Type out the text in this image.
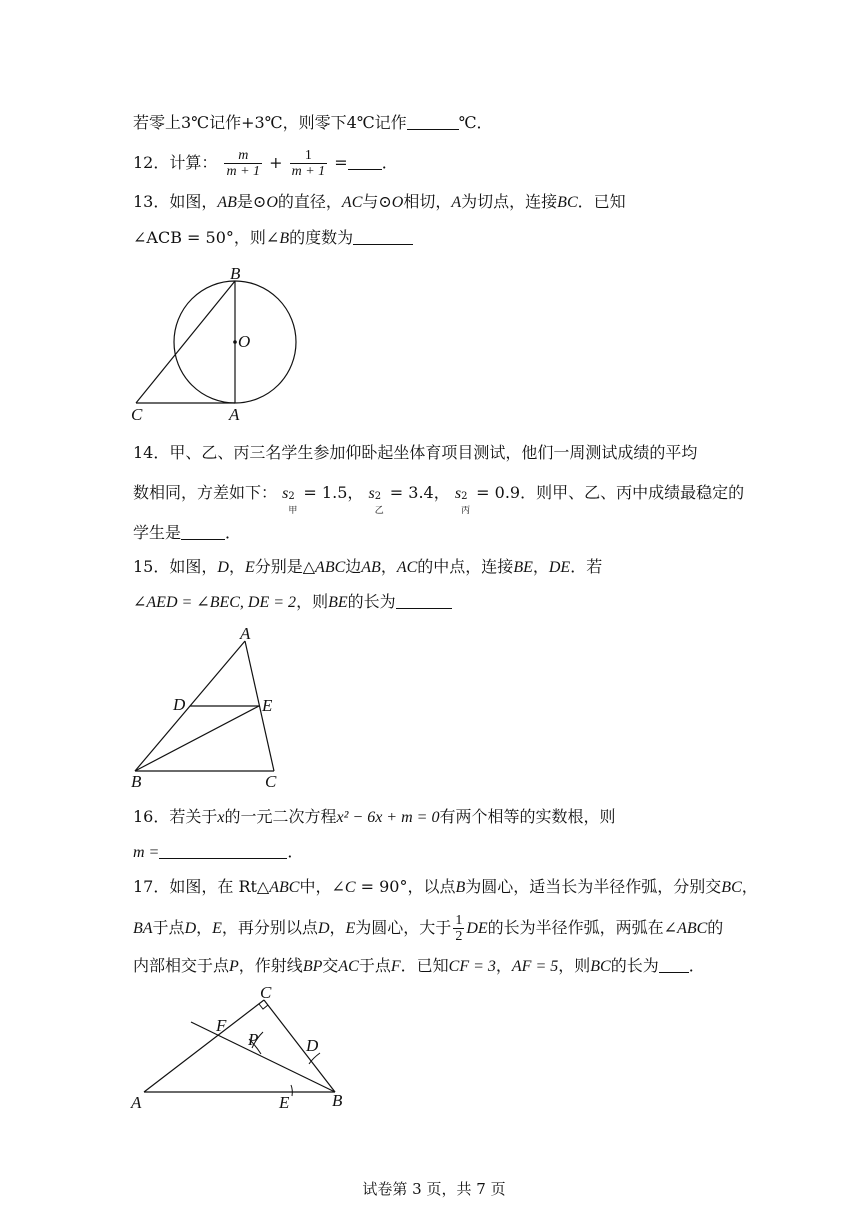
若零上3℃记作+3℃，则零下4℃记作	℃．
12．计算： $\frac{m}{m + 1} + \frac{1}{m + 1}$ = ．
13．如图，AB是⊙O的直径，AC与⊙O相切，A为切点，连接BC．已知
∠ACB = 50°，则∠B的度数为
B
O
C	A
14．甲、乙、丙三名学生参加仰卧起坐体育项目测试，他们一周测试成绩的平均
数相同，方差如下： s 2
甲
= 1.5， s 2
乙
= 3.4， s 2
丙
= 0.9．则甲、乙、丙中成绩最稳定的
学生是	．
15．如图，D，E分别是△ABC边AB，AC的中点，连接BE，DE．若
∠AED = ∠BEC, DE = 2，则BE的长为
A
D	E
B	C
16．若关于x的一元二次方程x² − 6x + m = 0有两个相等的实数根，则
m =	．
17．如图，在 Rt△ABC中，∠C = 90°，以点B为圆心，适当长为半径作弧，分别交BC，
BA于点D，E，再分别以点D，E为圆心，大于 $\frac{1}{2}$ DE的长为半径作弧，两弧在∠ABC的
内部相交于点P，作射线BP交AC于点F．已知CF = 3，AF = 5，则BC的长为 ．
C
F
P	D
A	E	B
试卷第 3 页，共 7 页
